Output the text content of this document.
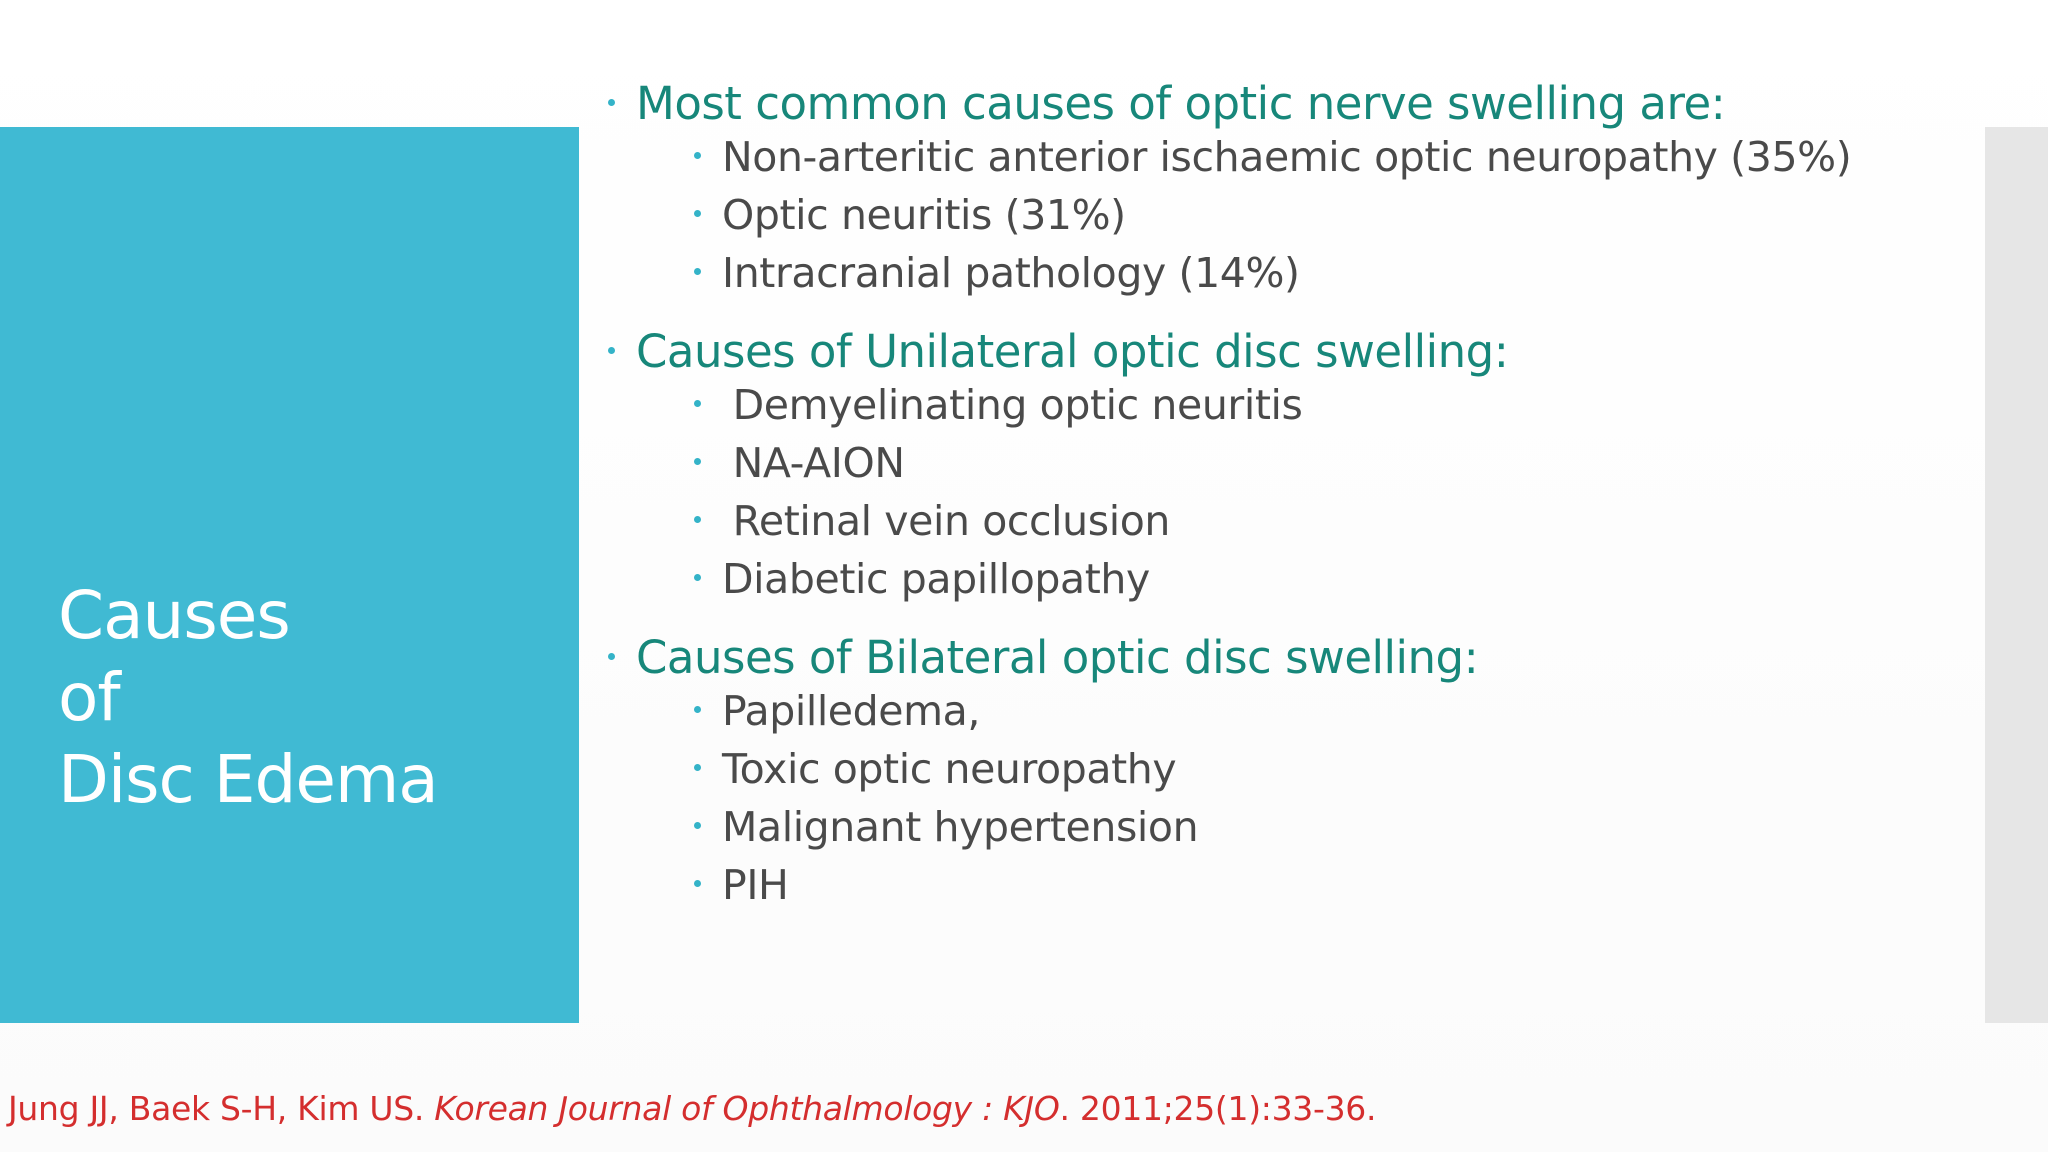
Causes
of
Disc Edema
Most common causes of optic nerve swelling are:
Non-arteritic anterior ischaemic optic neuropathy (35%)
Optic neuritis (31%)
Intracranial pathology (14%)
Causes of Unilateral optic disc swelling:
Demyelinating optic neuritis
NA-AION
Retinal vein occlusion
Diabetic papillopathy
Causes of Bilateral optic disc swelling:
Papilledema,
Toxic optic neuropathy
Malignant hypertension
PIH
Jung JJ, Baek S-H, Kim US. Korean Journal of Ophthalmology : KJO. 2011;25(1):33-36.
